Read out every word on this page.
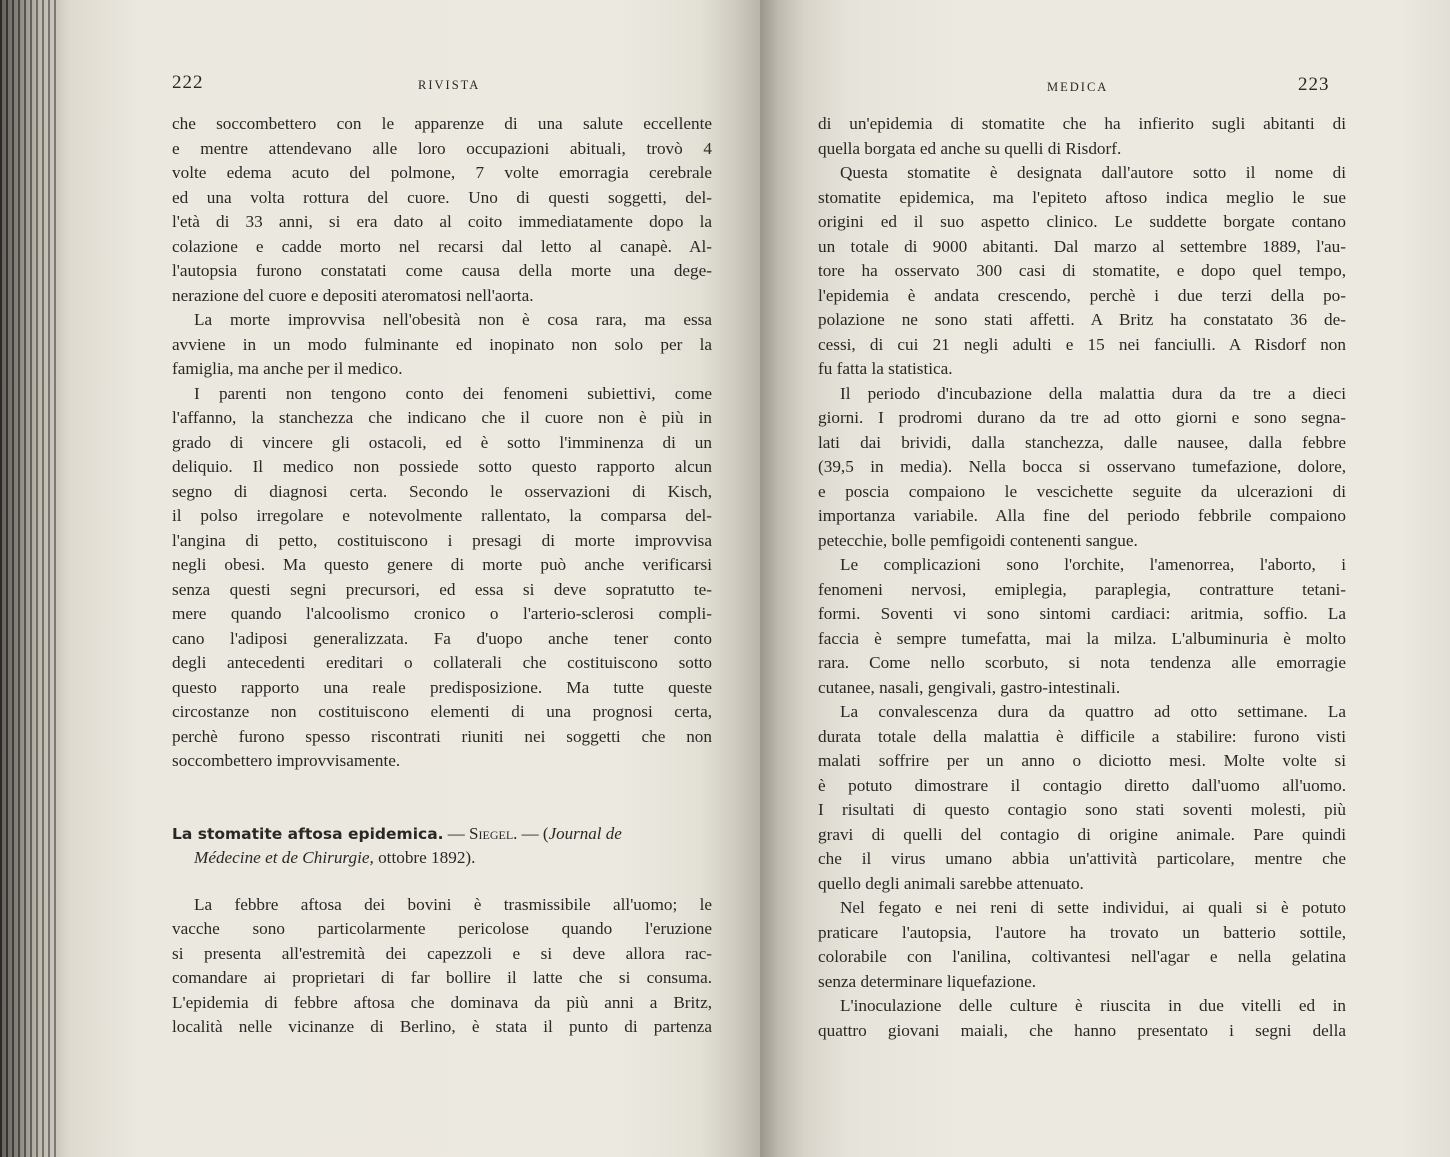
222	RIVISTA	MEDICA	223
che soccombettero con le apparenze di una salute eccellente
e mentre attendevano alle loro occupazioni abituali, trovò 4
volte edema acuto del polmone, 7 volte emorragia cerebrale
ed una volta rottura del cuore. Uno di questi soggetti, del-
l'età di 33 anni, si era dato al coito immediatamente dopo la
colazione e cadde morto nel recarsi dal letto al canapè. Al-
l'autopsia furono constatati come causa della morte una dege-
nerazione del cuore e depositi ateromatosi nell'aorta.
La morte improvvisa nell'obesità non è cosa rara, ma essa
avviene in un modo fulminante ed inopinato non solo per la
famiglia, ma anche per il medico.
I parenti non tengono conto dei fenomeni subiettivi, come
l'affanno, la stanchezza che indicano che il cuore non è più in
grado di vincere gli ostacoli, ed è sotto l'imminenza di un
deliquio. Il medico non possiede sotto questo rapporto alcun
segno di diagnosi certa. Secondo le osservazioni di Kisch,
il polso irregolare e notevolmente rallentato, la comparsa del-
l'angina di petto, costituiscono i presagi di morte improvvisa
negli obesi. Ma questo genere di morte può anche verificarsi
senza questi segni precursori, ed essa si deve sopratutto te-
mere quando l'alcoolismo cronico o l'arterio-sclerosi compli-
cano l'adiposi generalizzata. Fa d'uopo anche tener conto
degli antecedenti ereditari o collaterali che costituiscono sotto
questo rapporto una reale predisposizione. Ma tutte queste
circostanze non costituiscono elementi di una prognosi certa,
perchè furono spesso riscontrati riuniti nei soggetti che non
soccombettero improvvisamente.
La stomatite aftosa epidemica. — Siegel. — (Journal de
Médecine et de Chirurgie, ottobre 1892).
La febbre aftosa dei bovini è trasmissibile all'uomo; le
vacche sono particolarmente pericolose quando l'eruzione
si presenta all'estremità dei capezzoli e si deve allora rac-
comandare ai proprietari di far bollire il latte che si consuma.
L'epidemia di febbre aftosa che dominava da più anni a Britz,
località nelle vicinanze di Berlino, è stata il punto di partenza
di un'epidemia di stomatite che ha infierito sugli abitanti di
quella borgata ed anche su quelli di Risdorf.
Questa stomatite è designata dall'autore sotto il nome di
stomatite epidemica, ma l'epiteto aftoso indica meglio le sue
origini ed il suo aspetto clinico. Le suddette borgate contano
un totale di 9000 abitanti. Dal marzo al settembre 1889, l'au-
tore ha osservato 300 casi di stomatite, e dopo quel tempo,
l'epidemia è andata crescendo, perchè i due terzi della po-
polazione ne sono stati affetti. A Britz ha constatato 36 de-
cessi, di cui 21 negli adulti e 15 nei fanciulli. A Risdorf non
fu fatta la statistica.
Il periodo d'incubazione della malattia dura da tre a dieci
giorni. I prodromi durano da tre ad otto giorni e sono segna-
lati dai brividi, dalla stanchezza, dalle nausee, dalla febbre
(39,5 in media). Nella bocca si osservano tumefazione, dolore,
e poscia compaiono le vescichette seguite da ulcerazioni di
importanza variabile. Alla fine del periodo febbrile compaiono
petecchie, bolle pemfigoidi contenenti sangue.
Le complicazioni sono l'orchite, l'amenorrea, l'aborto, i
fenomeni nervosi, emiplegia, paraplegia, contratture tetani-
formi. Soventi vi sono sintomi cardiaci: aritmia, soffio. La
faccia è sempre tumefatta, mai la milza. L'albuminuria è molto
rara. Come nello scorbuto, si nota tendenza alle emorragie
cutanee, nasali, gengivali, gastro-intestinali.
La convalescenza dura da quattro ad otto settimane. La
durata totale della malattia è difficile a stabilire: furono visti
malati soffrire per un anno o diciotto mesi. Molte volte si
è potuto dimostrare il contagio diretto dall'uomo all'uomo.
I risultati di questo contagio sono stati soventi molesti, più
gravi di quelli del contagio di origine animale. Pare quindi
che il virus umano abbia un'attività particolare, mentre che
quello degli animali sarebbe attenuato.
Nel fegato e nei reni di sette individui, ai quali si è potuto
praticare l'autopsia, l'autore ha trovato un batterio sottile,
colorabile con l'anilina, coltivantesi nell'agar e nella gelatina
senza determinare liquefazione.
L'inoculazione delle culture è riuscita in due vitelli ed in
quattro giovani maiali, che hanno presentato i segni della
